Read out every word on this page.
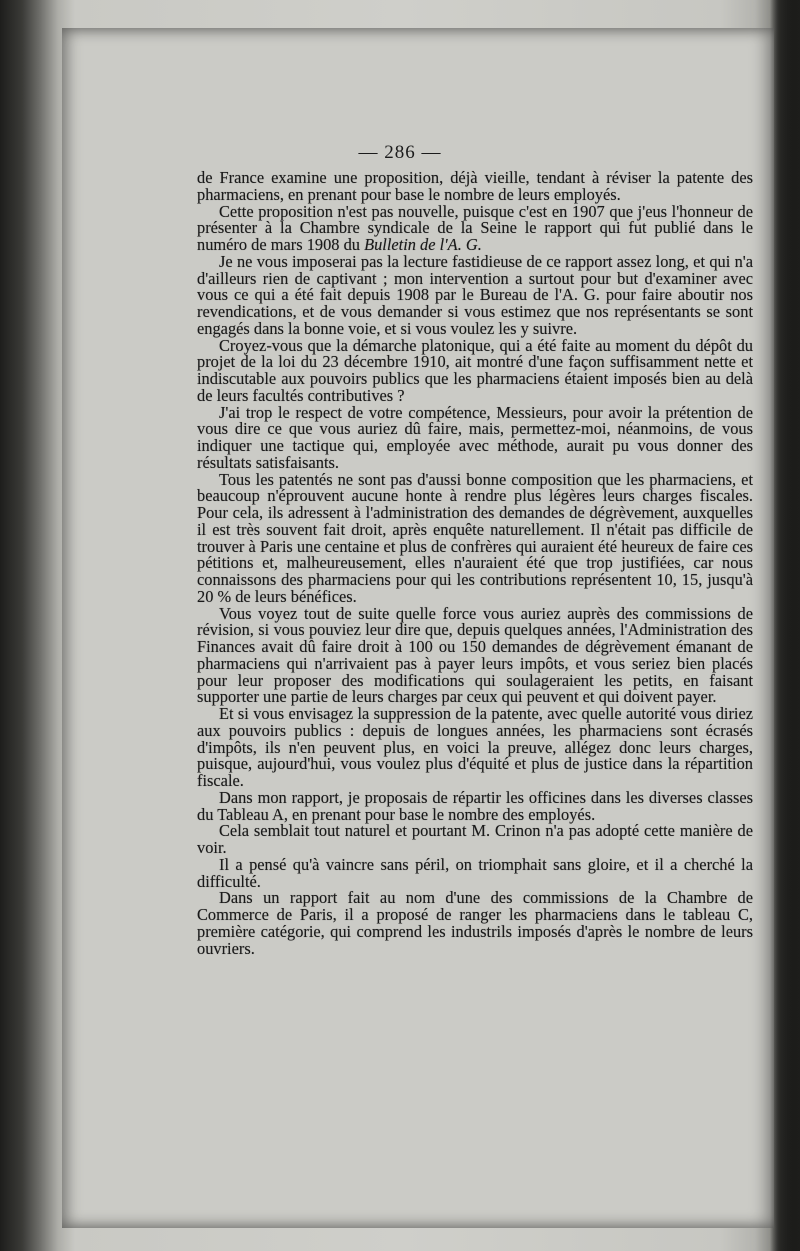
— 286 —

de France examine une proposition, déjà vieille, tendant à réviser la patente des pharmaciens, en prenant pour base le nombre de leurs employés.

Cette proposition n'est pas nouvelle, puisque c'est en 1907 que j'eus l'honneur de présenter à la Chambre syndicale de la Seine le rapport qui fut publié dans le numéro de mars 1908 du Bulletin de l'A. G.

Je ne vous imposerai pas la lecture fastidieuse de ce rapport assez long, et qui n'a d'ailleurs rien de captivant ; mon intervention a surtout pour but d'examiner avec vous ce qui a été fait depuis 1908 par le Bureau de l'A. G. pour faire aboutir nos revendications, et de vous demander si vous estimez que nos représentants se sont engagés dans la bonne voie, et si vous voulez les y suivre.

Croyez-vous que la démarche platonique, qui a été faite au moment du dépôt du projet de la loi du 23 décembre 1910, ait montré d'une façon suffisamment nette et indiscutable aux pouvoirs publics que les pharmaciens étaient imposés bien au delà de leurs facultés contributives ?

J'ai trop le respect de votre compétence, Messieurs, pour avoir la prétention de vous dire ce que vous auriez dû faire, mais, permettez-moi, néanmoins, de vous indiquer une tactique qui, employée avec méthode, aurait pu vous donner des résultats satisfaisants.

Tous les patentés ne sont pas d'aussi bonne composition que les pharmaciens, et beaucoup n'éprouvent aucune honte à rendre plus légères leurs charges fiscales. Pour cela, ils adressent à l'administration des demandes de dégrèvement, auxquelles il est très souvent fait droit, après enquête naturellement. Il n'était pas difficile de trouver à Paris une centaine et plus de confrères qui auraient été heureux de faire ces pétitions et, malheureusement, elles n'auraient été que trop justifiées, car nous connaissons des pharmaciens pour qui les contributions représentent 10, 15, jusqu'à 20 % de leurs bénéfices.

Vous voyez tout de suite quelle force vous auriez auprès des commissions de révision, si vous pouviez leur dire que, depuis quelques années, l'Administration des Finances avait dû faire droit à 100 ou 150 demandes de dégrèvement émanant de pharmaciens qui n'arrivaient pas à payer leurs impôts, et vous seriez bien placés pour leur proposer des modifications qui soulageraient les petits, en faisant supporter une partie de leurs charges par ceux qui peuvent et qui doivent payer.

Et si vous envisagez la suppression de la patente, avec quelle autorité vous diriez aux pouvoirs publics : depuis de longues années, les pharmaciens sont écrasés d'impôts, ils n'en peuvent plus, en voici la preuve, allégez donc leurs charges, puisque, aujourd'hui, vous voulez plus d'équité et plus de justice dans la répartition fiscale.

Dans mon rapport, je proposais de répartir les officines dans les diverses classes du Tableau A, en prenant pour base le nombre des employés.

Cela semblait tout naturel et pourtant M. Crinon n'a pas adopté cette manière de voir.

Il a pensé qu'à vaincre sans péril, on triomphait sans gloire, et il a cherché la difficulté.

Dans un rapport fait au nom d'une des commissions de la Chambre de Commerce de Paris, il a proposé de ranger les pharmaciens dans le tableau C, première catégorie, qui comprend les industrils imposés d'après le nombre de leurs ouvriers.
